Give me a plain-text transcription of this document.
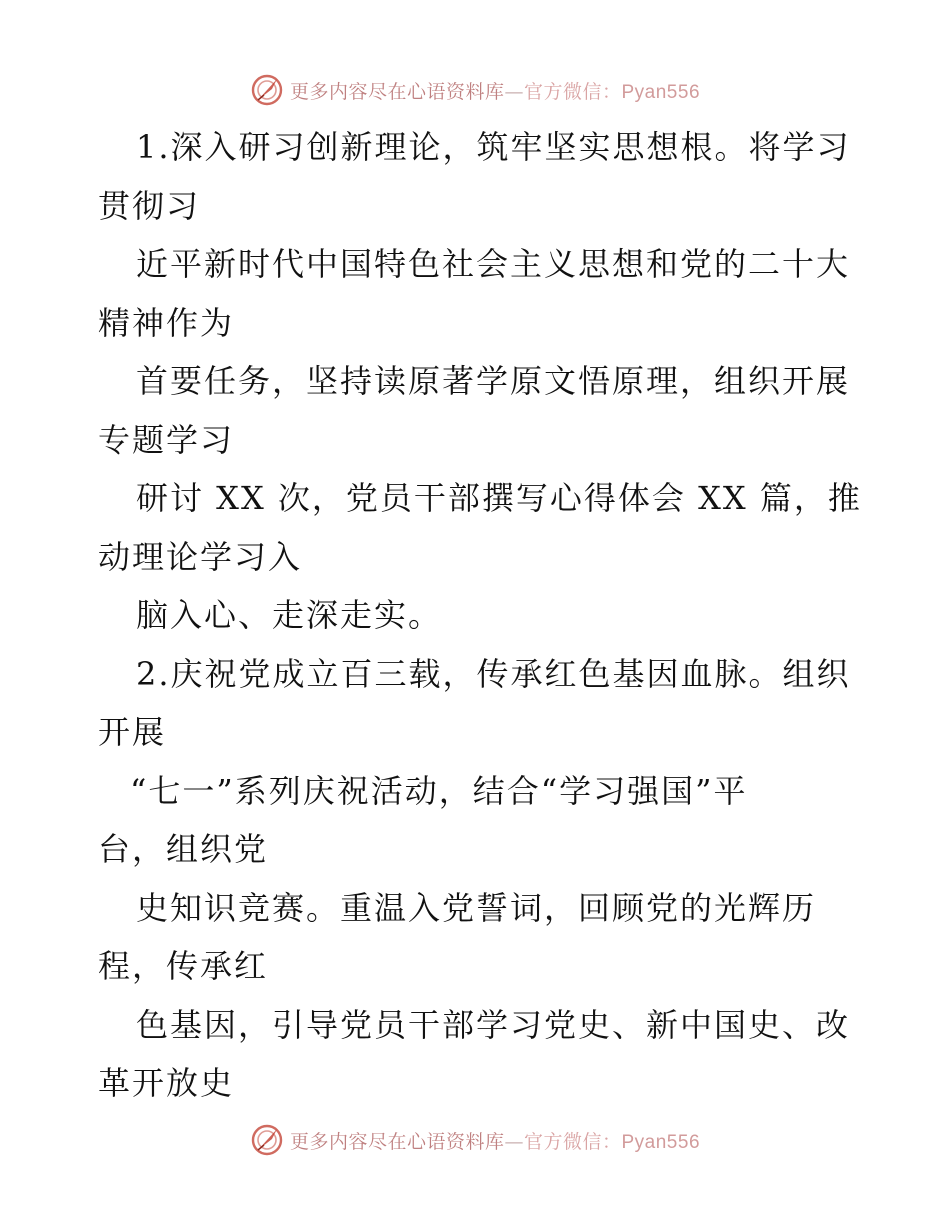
更多内容尽在心语资料库—官方微信：Pyan556
1.深入研习创新理论，筑牢坚实思想根。将学习
贯彻习
近平新时代中国特色社会主义思想和党的二十大
精神作为
首要任务，坚持读原著学原文悟原理，组织开展
专题学习
研讨 XX 次，党员干部撰写心得体会 XX 篇，推
动理论学习入
脑入心、走深走实。
2.庆祝党成立百三载，传承红色基因血脉。组织
开展
“七一”系列庆祝活动，结合“学习强国”平
台，组织党
史知识竞赛。重温入党誓词，回顾党的光辉历
程，传承红
色基因，引导党员干部学习党史、新中国史、改
革开放史
更多内容尽在心语资料库—官方微信：Pyan556
